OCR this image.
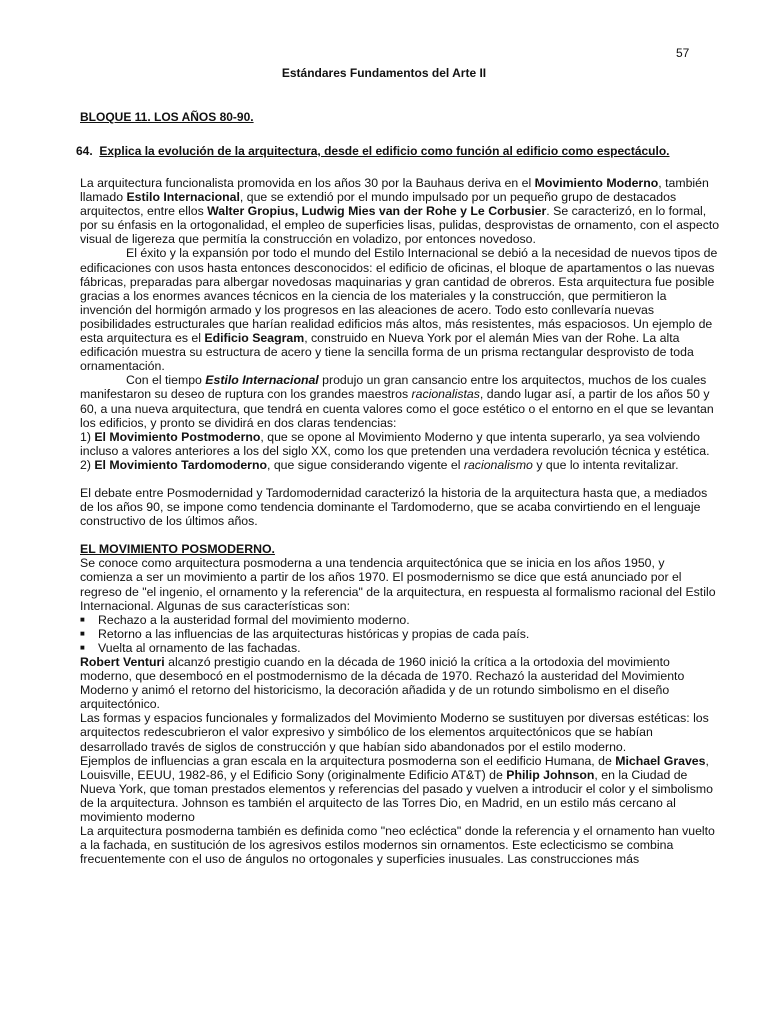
57
Estándares Fundamentos del Arte II
BLOQUE 11. LOS AÑOS 80-90.
64. Explica la evolución de la arquitectura, desde el edificio como función al edificio como espectáculo.

La arquitectura funcionalista promovida en los años 30 por la Bauhaus deriva en el Movimiento Moderno, también llamado Estilo Internacional, que se extendió por el mundo impulsado por un pequeño grupo de destacados arquitectos, entre ellos Walter Gropius, Ludwig Mies van der Rohe y Le Corbusier. Se caracterizó, en lo formal, por su énfasis en la ortogonalidad, el empleo de superficies lisas, pulidas, desprovistas de ornamento, con el aspecto visual de ligereza que permitía la construcción en voladizo, por entonces novedoso.

El éxito y la expansión por todo el mundo del Estilo Internacional se debió a la necesidad de nuevos tipos de edificaciones con usos hasta entonces desconocidos: el edificio de oficinas, el bloque de apartamentos o las nuevas fábricas, preparadas para albergar novedosas maquinarias y gran cantidad de obreros. Esta arquitectura fue posible gracias a los enormes avances técnicos en la ciencia de los materiales y la construcción, que permitieron la invención del hormigón armado y los progresos en las aleaciones de acero. Todo esto conllevaría nuevas posibilidades estructurales que harían realidad edificios más altos, más resistentes, más espaciosos. Un ejemplo de esta arquitectura es el Edificio Seagram, construido en Nueva York por el alemán Mies van der Rohe. La alta edificación muestra su estructura de acero y tiene la sencilla forma de un prisma rectangular desprovisto de toda ornamentación.

Con el tiempo Estilo Internacional produjo un gran cansancio entre los arquitectos, muchos de los cuales manifestaron su deseo de ruptura con los grandes maestros racionalistas, dando lugar así, a partir de los años 50 y 60, a una nueva arquitectura, que tendrá en cuenta valores como el goce estético o el entorno en el que se levantan los edificios, y pronto se dividirá en dos claras tendencias:

1) El Movimiento Postmoderno, que se opone al Movimiento Moderno y que intenta superarlo, ya sea volviendo incluso a valores anteriores a los del siglo XX, como los que pretenden una verdadera revolución técnica y estética.

2) El Movimiento Tardomoderno, que sigue considerando vigente el racionalismo y que lo intenta revitalizar.

El debate entre Posmodernidad y Tardomodernidad caracterizó la historia de la arquitectura hasta que, a mediados de los años 90, se impone como tendencia dominante el Tardomoderno, que se acaba convirtiendo en el lenguaje constructivo de los últimos años.

EL MOVIMIENTO POSMODERNO.

Se conoce como arquitectura posmoderna a una tendencia arquitectónica que se inicia en los años 1950, y comienza a ser un movimiento a partir de los años 1970. El posmodernismo se dice que está anunciado por el regreso de "el ingenio, el ornamento y la referencia" de la arquitectura, en respuesta al formalismo racional del Estilo Internacional. Algunas de sus características son:

■ Rechazo a la austeridad formal del movimiento moderno.
■ Retorno a las influencias de las arquitecturas históricas y propias de cada país.
■ Vuelta al ornamento de las fachadas.

Robert Venturi alcanzó prestigio cuando en la década de 1960 inició la crítica a la ortodoxia del movimiento moderno, que desembocó en el postmodernismo de la década de 1970. Rechazó la austeridad del Movimiento Moderno y animó el retorno del historicismo, la decoración añadida y de un rotundo simbolismo en el diseño arquitectónico.

Las formas y espacios funcionales y formalizados del Movimiento Moderno se sustituyen por diversas estéticas: los arquitectos redescubrieron el valor expresivo y simbólico de los elementos arquitectónicos que se habían desarrollado través de siglos de construcción y que habían sido abandonados por el estilo moderno.

Ejemplos de influencias a gran escala en la arquitectura posmoderna son el eedificio Humana, de Michael Graves, Louisville, EEUU, 1982-86, y el Edificio Sony (originalmente Edificio AT&T) de Philip Johnson, en la Ciudad de Nueva York, que toman prestados elementos y referencias del pasado y vuelven a introducir el color y el simbolismo de la arquitectura. Johnson es también el arquitecto de las Torres Dio, en Madrid, en un estilo más cercano al movimiento moderno

La arquitectura posmoderna también es definida como "neo ecléctica" donde la referencia y el ornamento han vuelto a la fachada, en sustitución de los agresivos estilos modernos sin ornamentos. Este eclecticismo se combina frecuentemente con el uso de ángulos no ortogonales y superficies inusuales. Las construcciones más
